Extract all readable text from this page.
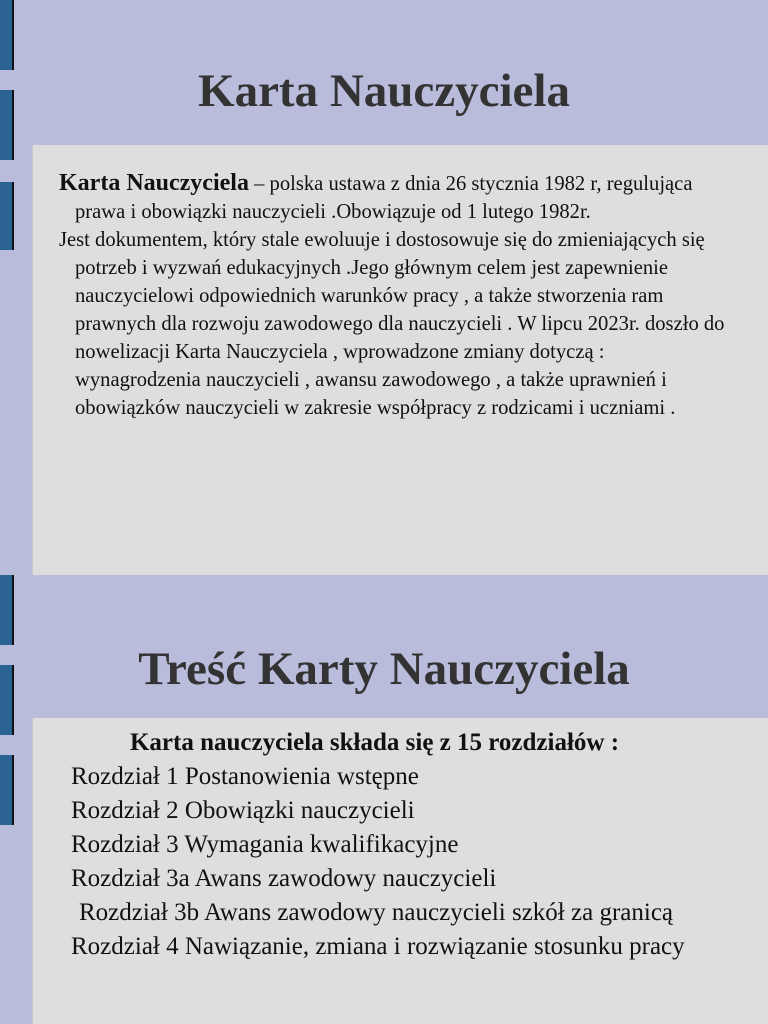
Karta Nauczyciela

Karta Nauczyciela – polska ustawa z dnia 26 stycznia 1982 r, regulująca prawa i obowiązki nauczycieli .Obowiązuje od 1 lutego 1982r.

Jest dokumentem, który stale ewoluuje i dostosowuje się do zmieniających się potrzeb i wyzwań edukacyjnych .Jego głównym celem jest zapewnienie nauczycielowi odpowiednich warunków pracy , a także stworzenia ram prawnych dla rozwoju zawodowego dla nauczycieli . W lipcu 2023r. doszło do nowelizacji Karta Nauczyciela , wprowadzone zmiany dotyczą : wynagrodzenia nauczycieli , awansu zawodowego , a także uprawnień i obowiązków nauczycieli w zakresie współpracy z rodzicami i uczniami .

Treść Karty Nauczyciela

Karta nauczyciela składa się z 15 rozdziałów :

Rozdział 1 Postanowienia wstępne
Rozdział 2 Obowiązki nauczycieli
Rozdział 3 Wymagania kwalifikacyjne
Rozdział 3a Awans zawodowy nauczycieli
Rozdział 3b Awans zawodowy nauczycieli szkół za granicą
Rozdział 4 Nawiązanie, zmiana i rozwiązanie stosunku pracy
